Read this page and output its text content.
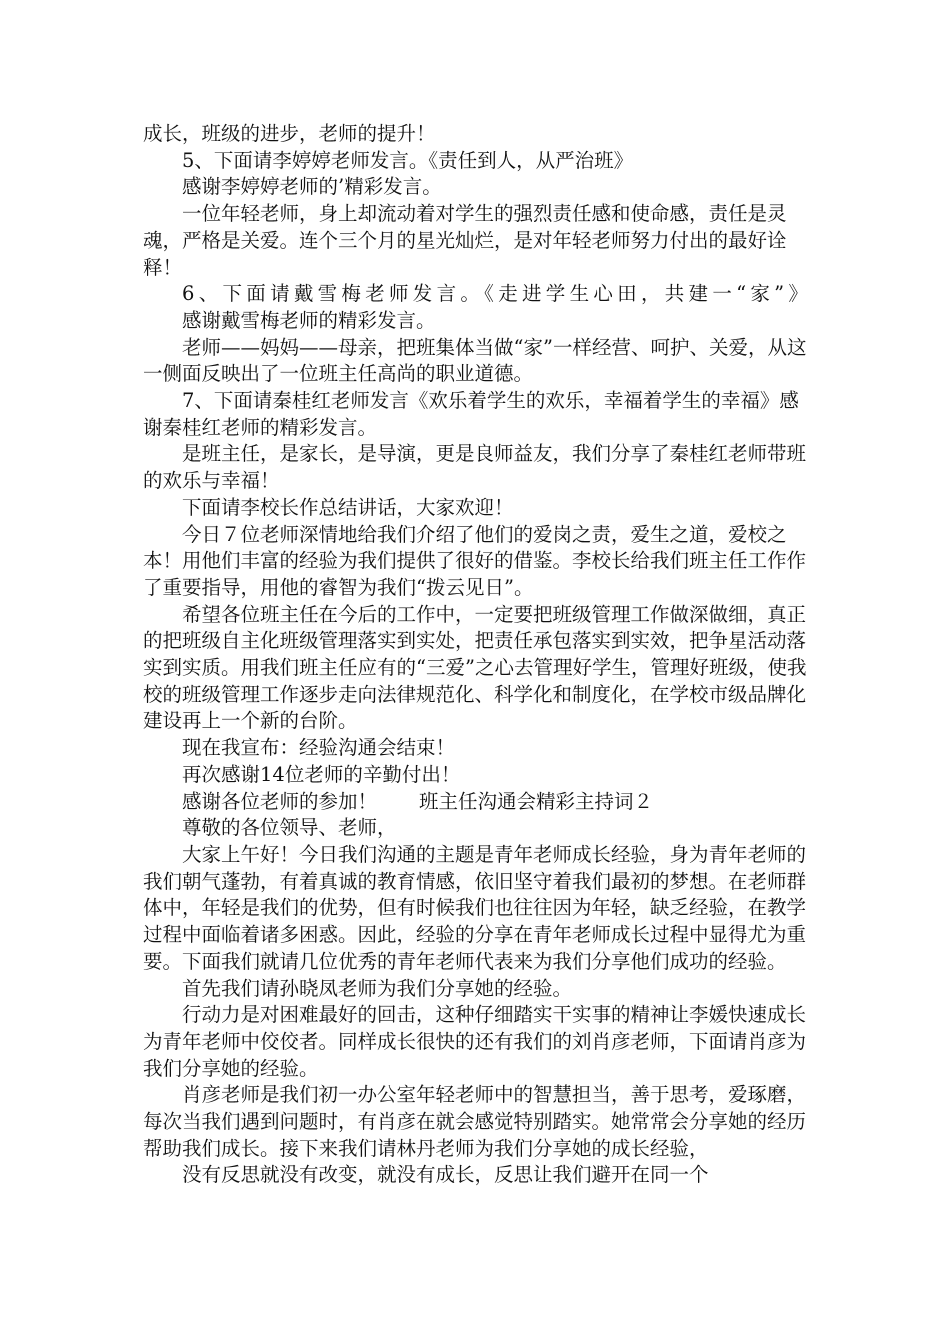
成长，班级的进步，老师的提升！

5、下面请李婷婷老师发言。《责任到人，从严治班》

感谢李婷婷老师的’精彩发言。

一位年轻老师，身上却流动着对学生的强烈责任感和使命感，责任是灵魂，严格是关爱。连个三个月的星光灿烂，是对年轻老师努力付出的最好诠释！

6、下面请戴雪梅老师发言。《走进学生心田，共建一“家”》

感谢戴雪梅老师的精彩发言。

老师——妈妈——母亲，把班集体当做“家”一样经营、呵护、关爱，从这一侧面反映出了一位班主任高尚的职业道德。

7、下面请秦桂红老师发言《欢乐着学生的欢乐，幸福着学生的幸福》感谢秦桂红老师的精彩发言。

是班主任，是家长，是导演，更是良师益友，我们分享了秦桂红老师带班的欢乐与幸福！

下面请李校长作总结讲话，大家欢迎！

今日７位老师深情地给我们介绍了他们的爱岗之责，爱生之道，爱校之本！用他们丰富的经验为我们提供了很好的借鉴。李校长给我们班主任工作作了重要指导，用他的睿智为我们“拨云见日”。

希望各位班主任在今后的工作中，一定要把班级管理工作做深做细，真正的把班级自主化班级管理落实到实处，把责任承包落实到实效，把争星活动落实到实质。用我们班主任应有的“三爱”之心去管理好学生，管理好班级，使我校的班级管理工作逐步走向法律规范化、科学化和制度化，在学校市级品牌化建设再上一个新的台阶。

现在我宣布：经验沟通会结束！

再次感谢14位老师的辛勤付出！

感谢各位老师的参加！ 班主任沟通会精彩主持词２

尊敬的各位领导、老师，

大家上午好！今日我们沟通的主题是青年老师成长经验，身为青年老师的我们朝气蓬勃，有着真诚的教育情感，依旧坚守着我们最初的梦想。在老师群体中，年轻是我们的优势，但有时候我们也往往因为年轻，缺乏经验，在教学过程中面临着诸多困惑。因此，经验的分享在青年老师成长过程中显得尤为重要。下面我们就请几位优秀的青年老师代表来为我们分享他们成功的经验。

首先我们请孙晓凤老师为我们分享她的经验。

行动力是对困难最好的回击，这种仔细踏实干实事的精神让李媛快速成长为青年老师中佼佼者。同样成长很快的还有我们的刘肖彦老师，下面请肖彦为我们分享她的经验。

肖彦老师是我们初一办公室年轻老师中的智慧担当，善于思考，爱琢磨，每次当我们遇到问题时，有肖彦在就会感觉特别踏实。她常常会分享她的经历帮助我们成长。接下来我们请林丹老师为我们分享她的成长经验，

没有反思就没有改变，就没有成长，反思让我们避开在同一个
